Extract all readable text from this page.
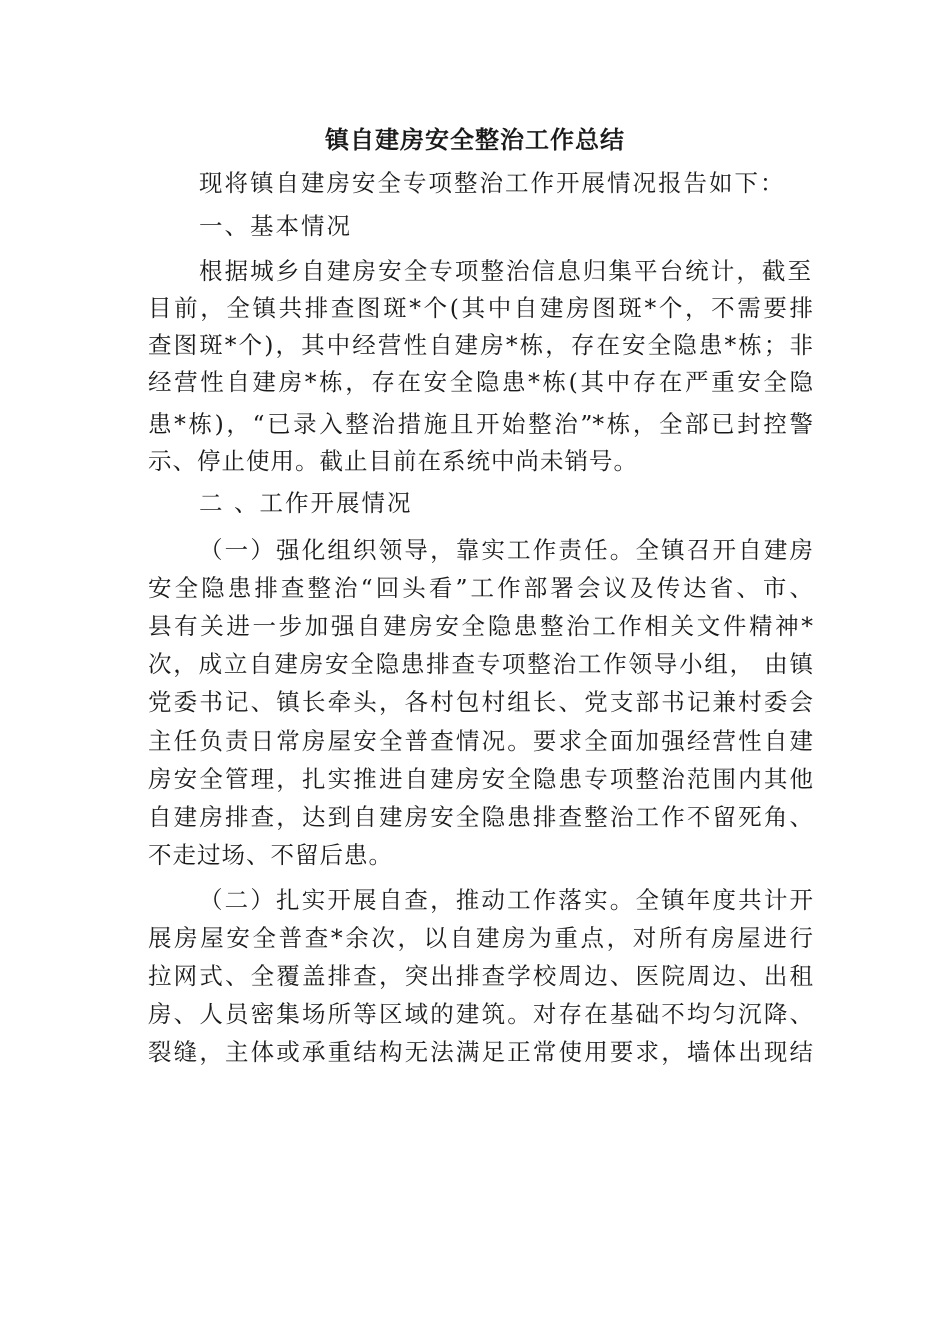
镇自建房安全整治工作总结
现将镇自建房安全专项整治工作开展情况报告如下：
一、基本情况
根据城乡自建房安全专项整治信息归集平台统计，截至
目前，全镇共排查图斑*个(其中自建房图斑*个，不需要排
查图斑*个)，其中经营性自建房*栋，存在安全隐患*栋；非
经营性自建房*栋，存在安全隐患*栋(其中存在严重安全隐
患*栋)，“已录入整治措施且开始整治”*栋，全部已封控警
示、停止使用。截止目前在系统中尚未销号。
二 、工作开展情况
（一）强化组织领导，靠实工作责任。全镇召开自建房
安全隐患排查整治“回头看”工作部署会议及传达省、市、
县有关进一步加强自建房安全隐患整治工作相关文件精神*
次，成立自建房安全隐患排查专项整治工作领导小组， 由镇
党委书记、镇长牵头，各村包村组长、党支部书记兼村委会
主任负责日常房屋安全普查情况。要求全面加强经营性自建
房安全管理，扎实推进自建房安全隐患专项整治范围内其他
自建房排查，达到自建房安全隐患排查整治工作不留死角、
不走过场、不留后患。
（二）扎实开展自查，推动工作落实。全镇年度共计开
展房屋安全普查*余次，以自建房为重点，对所有房屋进行
拉网式、全覆盖排查，突出排查学校周边、医院周边、出租
房、人员密集场所等区域的建筑。对存在基础不均匀沉降、
裂缝，主体或承重结构无法满足正常使用要求，墙体出现结
